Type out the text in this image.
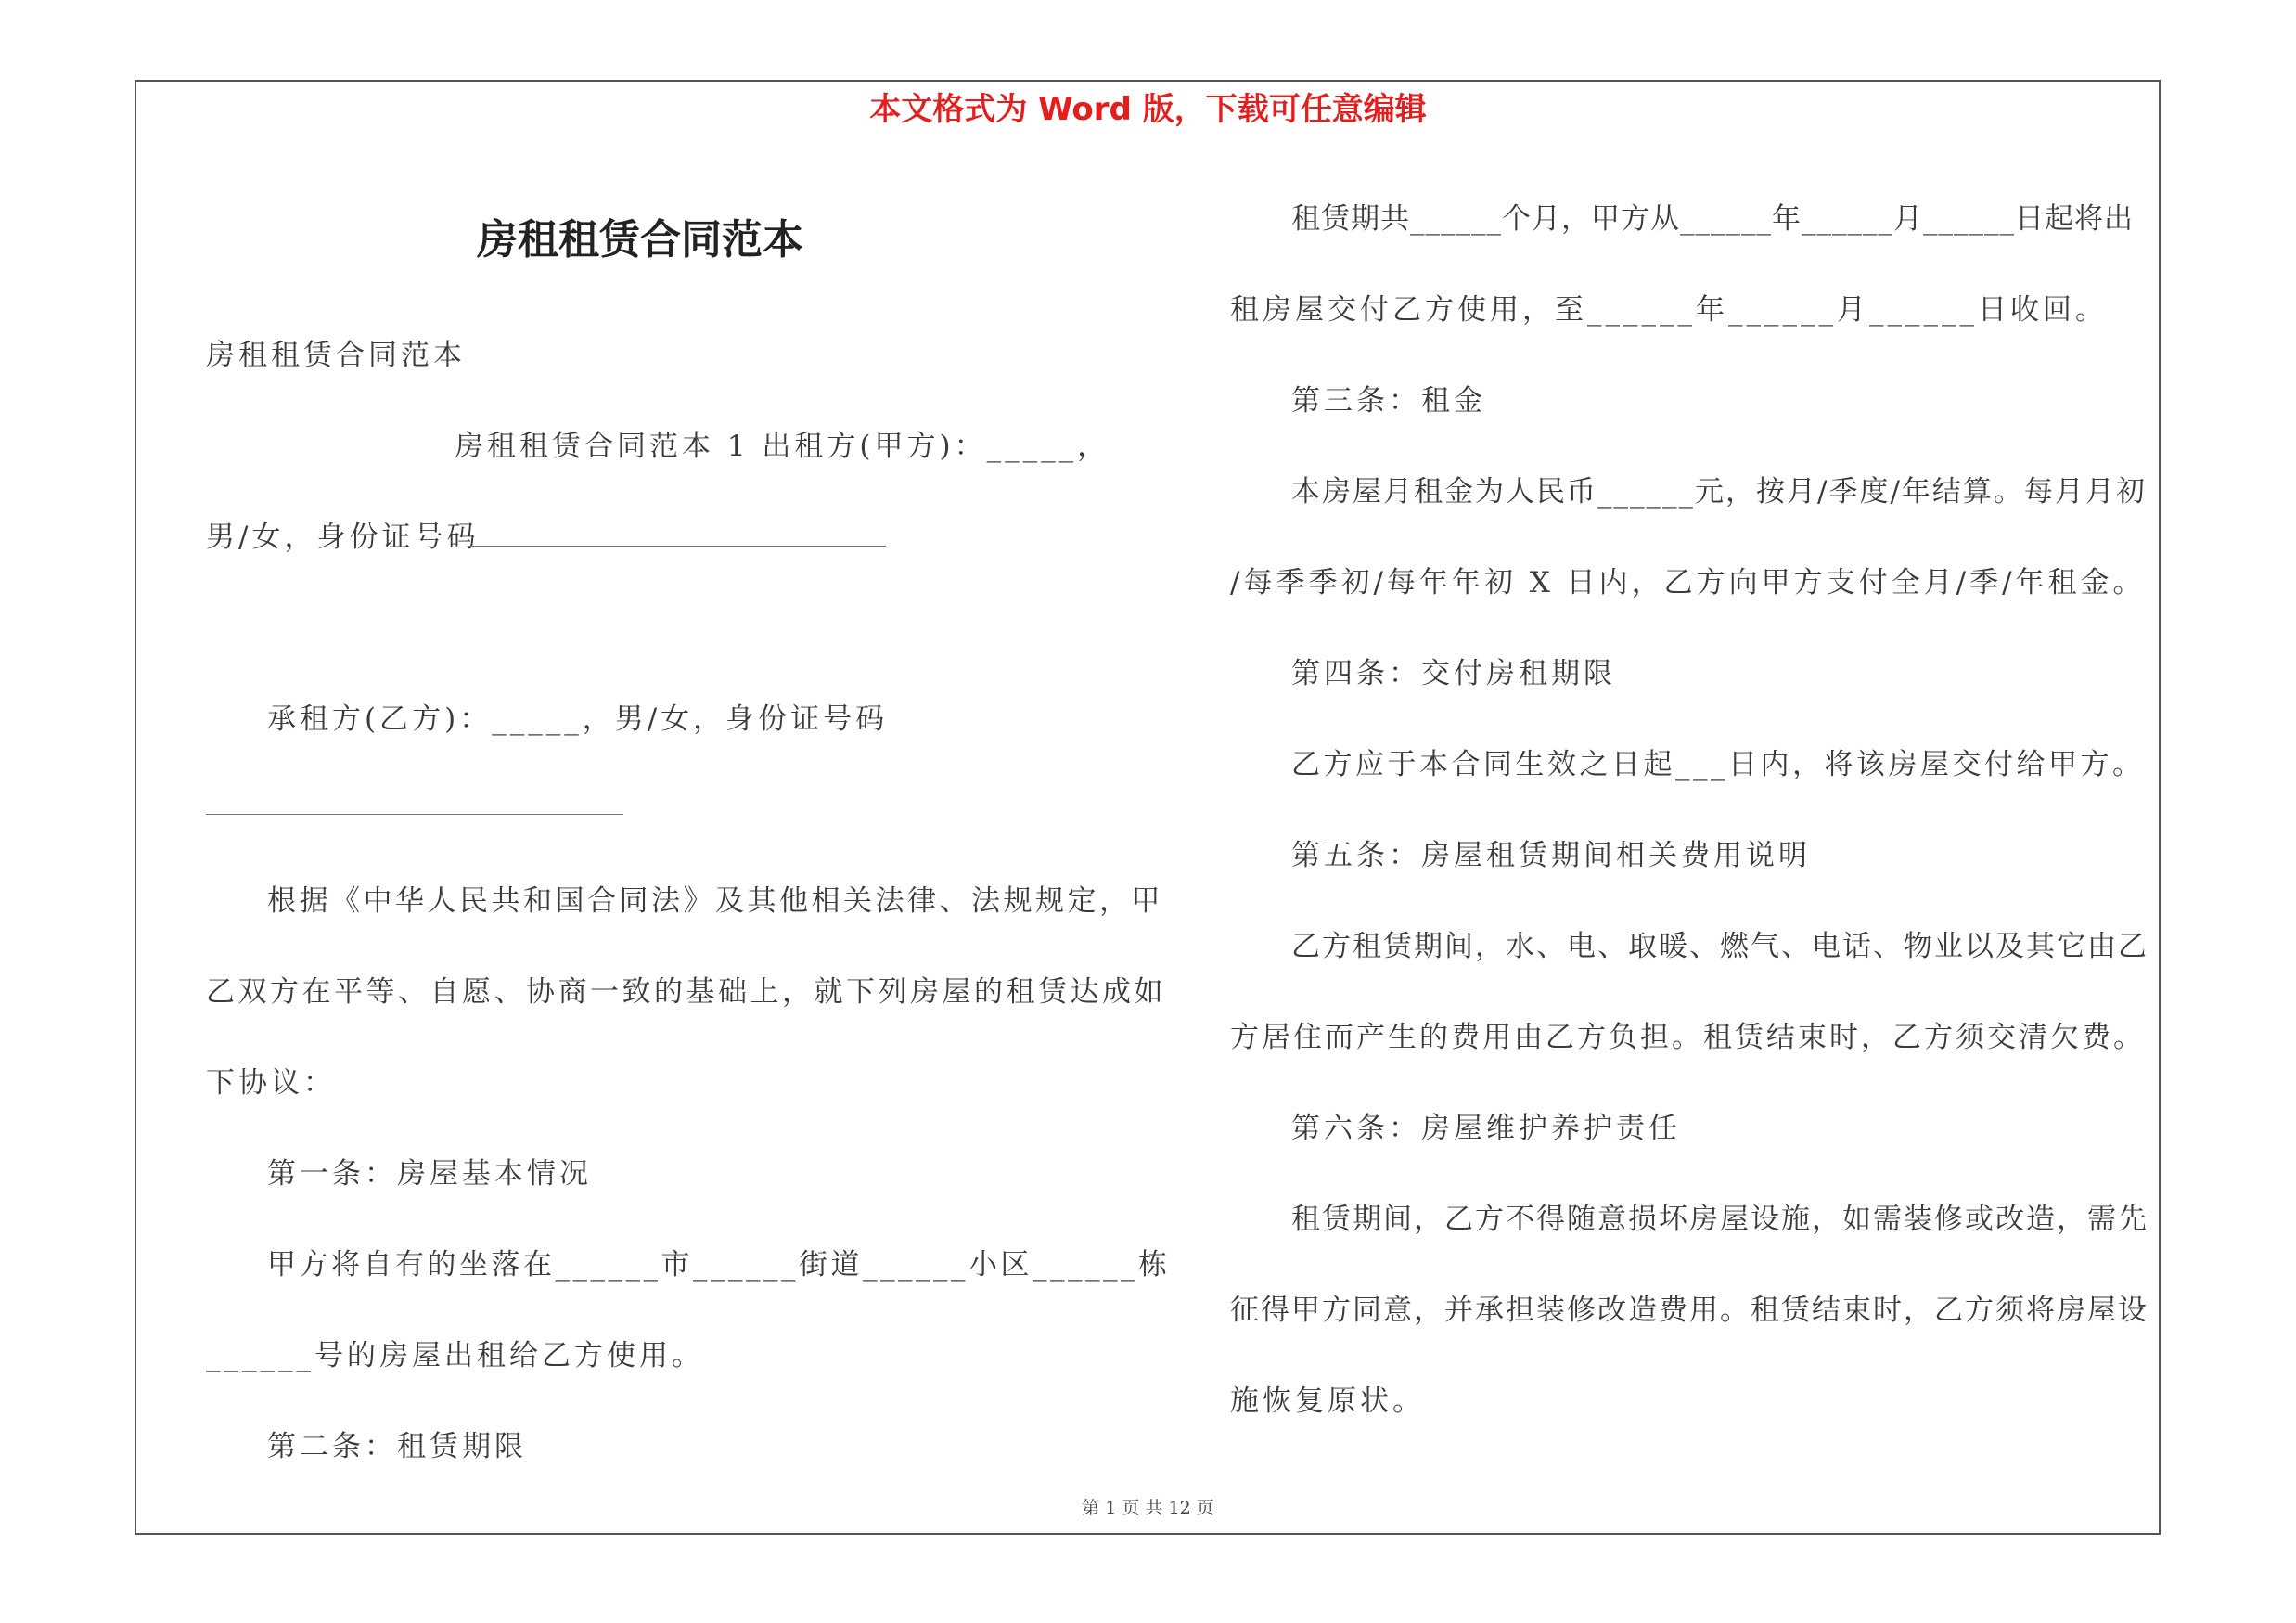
本文格式为 Word 版，下载可任意编辑
房租租赁合同范本
房租租赁合同范本
房租租赁合同范本 1 出租方(甲方)：_____，
男/女，身份证号码
承租方(乙方)：_____，男/女，身份证号码
根据《中华人民共和国合同法》及其他相关法律、法规规定，甲
乙双方在平等、自愿、协商一致的基础上，就下列房屋的租赁达成如
下协议：
第一条：房屋基本情况
甲方将自有的坐落在______市______街道______小区______栋
______号的房屋出租给乙方使用。
第二条：租赁期限
租赁期共______个月，甲方从______年______月______日起将出
租房屋交付乙方使用，至______年______月______日收回。
第三条：租金
本房屋月租金为人民币______元，按月/季度/年结算。每月月初
/每季季初/每年年初 X 日内，乙方向甲方支付全月/季/年租金。
第四条：交付房租期限
乙方应于本合同生效之日起___日内，将该房屋交付给甲方。
第五条：房屋租赁期间相关费用说明
乙方租赁期间，水、电、取暖、燃气、电话、物业以及其它由乙
方居住而产生的费用由乙方负担。租赁结束时，乙方须交清欠费。
第六条：房屋维护养护责任
租赁期间，乙方不得随意损坏房屋设施，如需装修或改造，需先
征得甲方同意，并承担装修改造费用。租赁结束时，乙方须将房屋设
施恢复原状。
第 1 页 共 12 页
